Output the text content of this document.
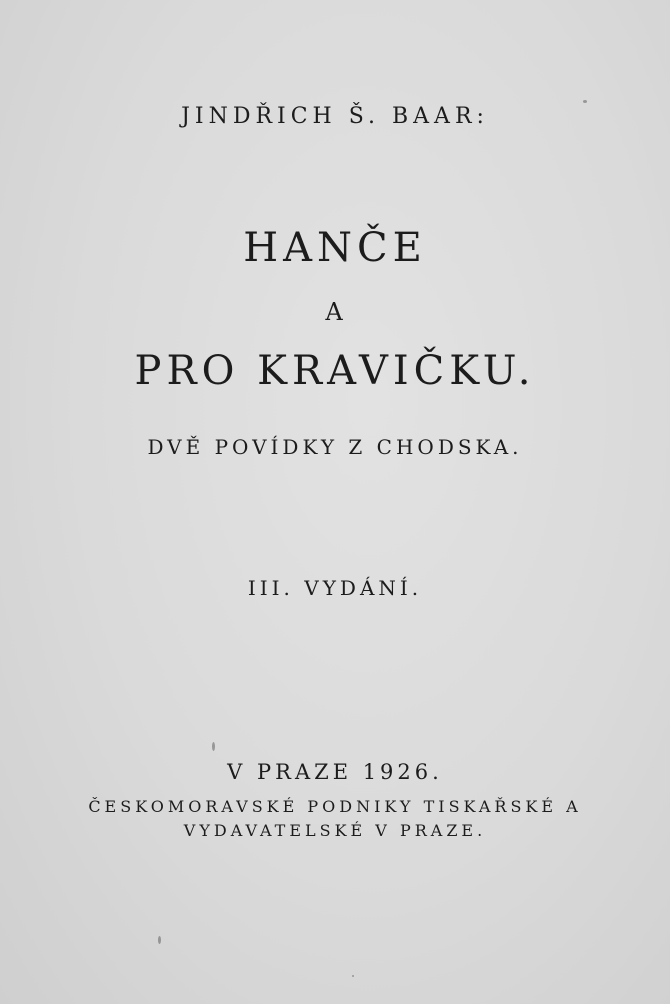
JINDŘICH Š. BAAR:
HANČE
A
PRO KRAVIČKU.
DVĚ POVÍDKY Z CHODSKA.
III. VYDÁNÍ.
V PRAZE 1926.
ČESKOMORAVSKÉ PODNIKY TISKAŘSKÉ A
VYDAVATELSKÉ V PRAZE.
